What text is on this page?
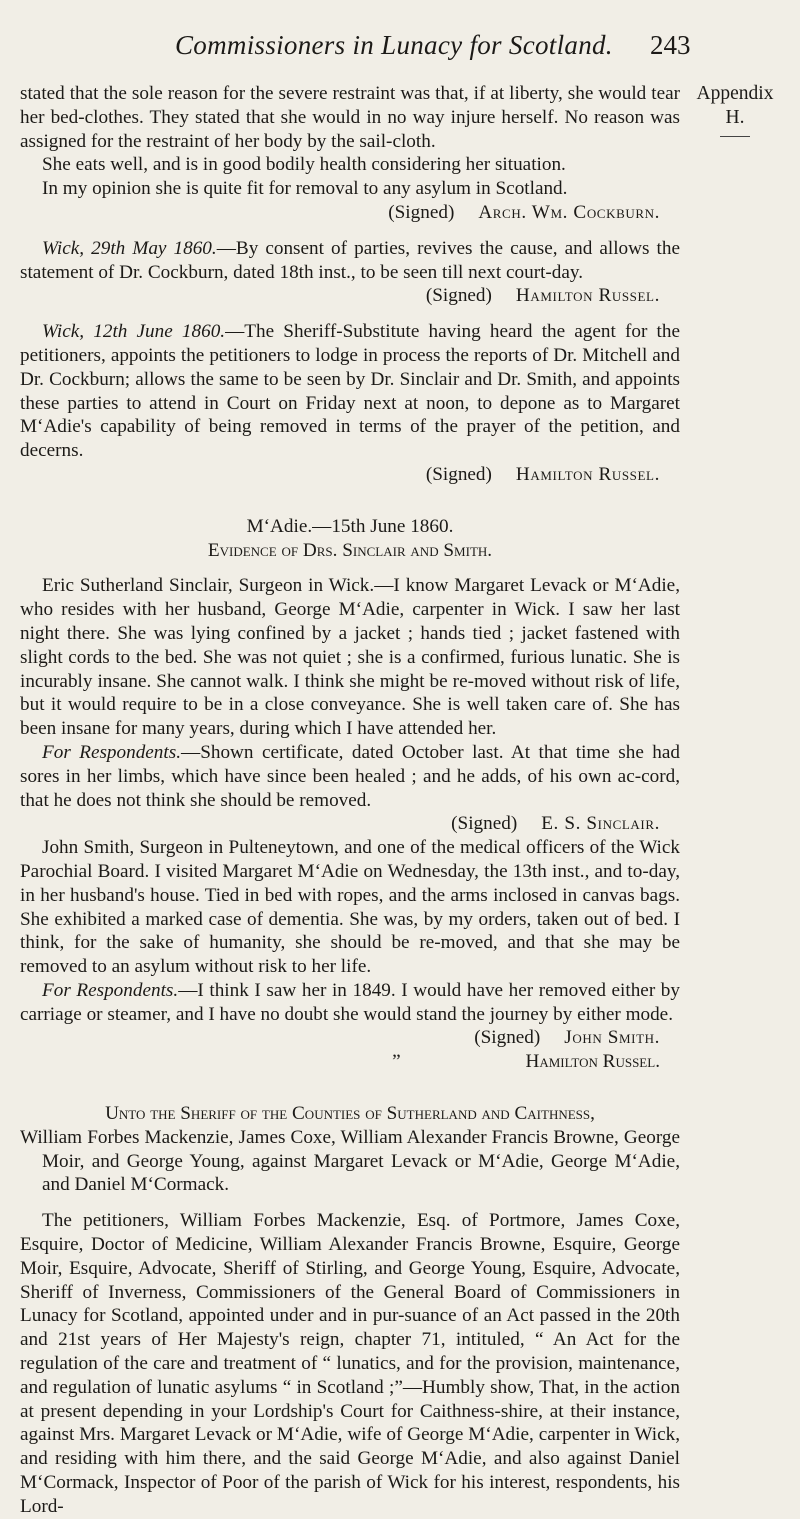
Commissioners in Lunacy for Scotland. 243
Appendix
H.

stated that the sole reason for the severe restraint was that, if at liberty, she would tear her bed-clothes. They stated that she would in no way injure herself. No reason was assigned for the restraint of her body by the sail-cloth.

She eats well, and is in good bodily health considering her situation.

In my opinion she is quite fit for removal to any asylum in Scotland.

(Signed) Arch. Wm. Cockburn.

Wick, 29th May 1860.—By consent of parties, revives the cause, and allows the statement of Dr. Cockburn, dated 18th inst., to be seen till next court-day.

(Signed) Hamilton Russel.

Wick, 12th June 1860.—The Sheriff-Substitute having heard the agent for the petitioners, appoints the petitioners to lodge in process the reports of Dr. Mitchell and Dr. Cockburn; allows the same to be seen by Dr. Sinclair and Dr. Smith, and appoints these parties to attend in Court on Friday next at noon, to depone as to Margaret M‘Adie's capability of being removed in terms of the prayer of the petition, and decerns.

(Signed) Hamilton Russel.

M‘Adie.—15th June 1860.

Evidence of Drs. Sinclair and Smith.

Eric Sutherland Sinclair, Surgeon in Wick.—I know Margaret Levack or M‘Adie, who resides with her husband, George M‘Adie, carpenter in Wick. I saw her last night there. She was lying confined by a jacket ; hands tied ; jacket fastened with slight cords to the bed. She was not quiet ; she is a confirmed, furious lunatic. She is incurably insane. She cannot walk. I think she might be re-moved without risk of life, but it would require to be in a close conveyance. She is well taken care of. She has been insane for many years, during which I have attended her.

For Respondents.—Shown certificate, dated October last. At that time she had sores in her limbs, which have since been healed ; and he adds, of his own ac-cord, that he does not think she should be removed.

(Signed) E. S. Sinclair.

John Smith, Surgeon in Pulteneytown, and one of the medical officers of the Wick Parochial Board. I visited Margaret M‘Adie on Wednesday, the 13th inst., and to-day, in her husband's house. Tied in bed with ropes, and the arms inclosed in canvas bags. She exhibited a marked case of dementia. She was, by my orders, taken out of bed. I think, for the sake of humanity, she should be re-moved, and that she may be removed to an asylum without risk to her life.

For Respondents.—I think I saw her in 1849. I would have her removed either by carriage or steamer, and I have no doubt she would stand the journey by either mode.

(Signed) John Smith.

”	Hamilton Russel.

Unto the Sheriff of the Counties of Sutherland and Caithness,

William Forbes Mackenzie, James Coxe, William Alexander Francis Browne, George Moir, and George Young, against Margaret Levack or M‘Adie, George M‘Adie, and Daniel M‘Cormack.

The petitioners, William Forbes Mackenzie, Esq. of Portmore, James Coxe, Esquire, Doctor of Medicine, William Alexander Francis Browne, Esquire, George Moir, Esquire, Advocate, Sheriff of Stirling, and George Young, Esquire, Advocate, Sheriff of Inverness, Commissioners of the General Board of Commissioners in Lunacy for Scotland, appointed under and in pur-suance of an Act passed in the 20th and 21st years of Her Majesty's reign, chapter 71, intituled, “ An Act for the regulation of the care and treatment of “ lunatics, and for the provision, maintenance, and regulation of lunatic asylums “ in Scotland ;”—Humbly show, That, in the action at present depending in your Lordship's Court for Caithness-shire, at their instance, against Mrs. Margaret Levack or M‘Adie, wife of George M‘Adie, carpenter in Wick, and residing with him there, and the said George M‘Adie, and also against Daniel M‘Cormack, Inspector of Poor of the parish of Wick for his interest, respondents, his Lord-
